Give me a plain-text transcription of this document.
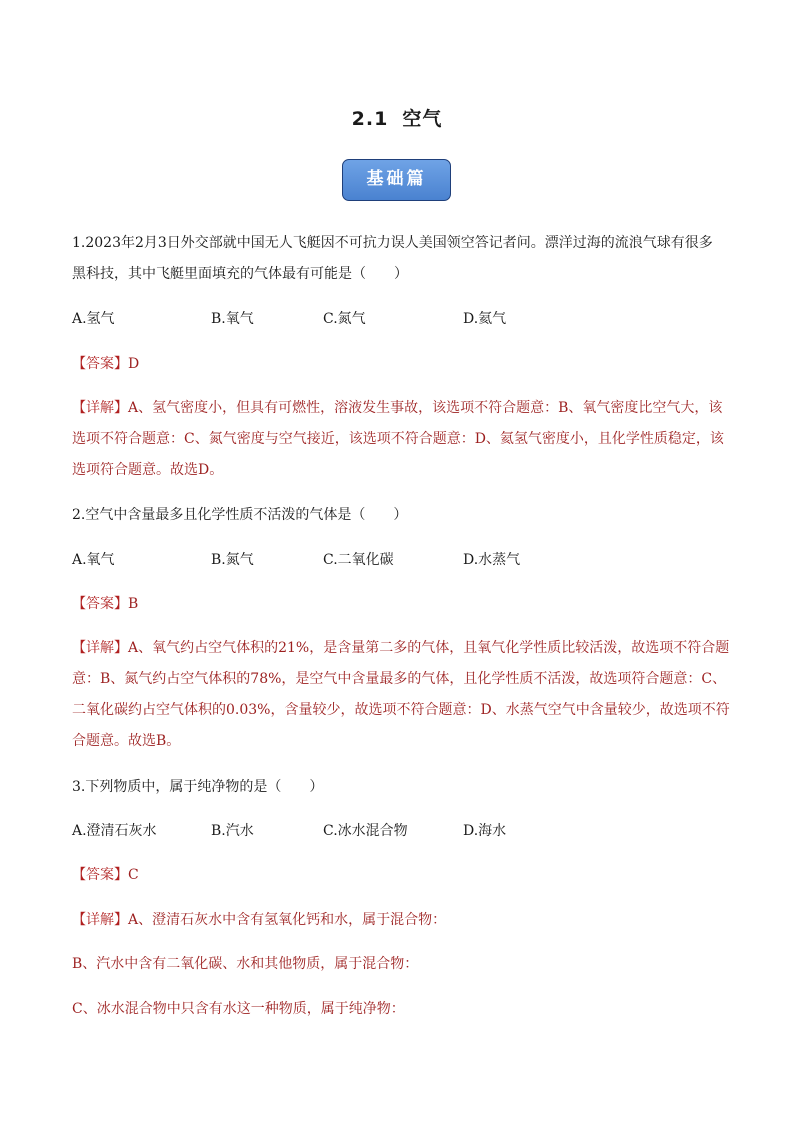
2.1 空气
基础篇
1.2023年2月3日外交部就中国无人飞艇因不可抗力误人美国领空答记者问。漂洋过海的流浪气球有很多
黑科技，其中飞艇里面填充的气体最有可能是（　　）
A.氢气	B.氧气	C.氮气	D.氦气
【答案】D
【详解】A、氢气密度小，但具有可燃性，溶液发生事故，该选项不符合题意：B、氧气密度比空气大，该
选项不符合题意：C、氮气密度与空气接近，该选项不符合题意：D、氦氢气密度小，且化学性质稳定，该
选项符合题意。故选D。
2.空气中含量最多且化学性质不活泼的气体是（　　）
A.氧气	B.氮气	C.二氧化碳	D.水蒸气
【答案】B
【详解】A、氧气约占空气体积的21%，是含量第二多的气体，且氧气化学性质比较活泼，故选项不符合题
意：B、氮气约占空气体积的78%，是空气中含量最多的气体，且化学性质不活泼，故选项符合题意：C、
二氧化碳约占空气体积的0.03%，含量较少，故选项不符合题意：D、水蒸气空气中含量较少，故选项不符
合题意。故选B。
3.下列物质中，属于纯净物的是（　　）
A.澄清石灰水	B.汽水	C.冰水混合物	D.海水
【答案】C
【详解】A、澄清石灰水中含有氢氧化钙和水，属于混合物：
B、汽水中含有二氧化碳、水和其他物质，属于混合物：
C、冰水混合物中只含有水这一种物质，属于纯净物：
